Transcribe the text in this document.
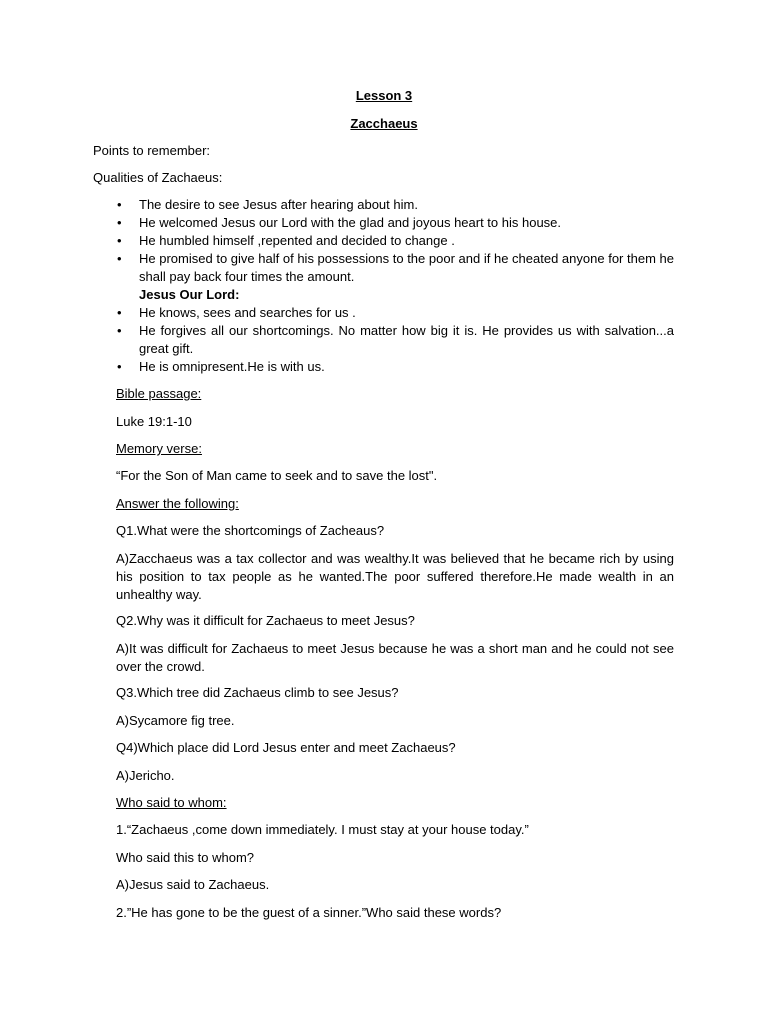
Lesson 3

Zacchaeus

Points to remember:

Qualities of Zachaeus:

• The desire to see Jesus after hearing about him.
• He welcomed Jesus our Lord with the glad and joyous heart to his house.
• He humbled himself ,repented and decided to change .
• He promised to give half of his possessions to the poor and if he cheated anyone for them he shall pay back four times the amount.
Jesus Our Lord:
• He knows, sees and searches for us .
• He forgives all our shortcomings. No matter how big it is. He provides us with salvation...a great gift.
• He is omnipresent.He is with us.

Bible passage:

Luke 19:1-10

Memory verse:

“For the Son of Man came to seek and to save the lost".

Answer the following:

Q1.What were the shortcomings of Zacheaus?

A)Zacchaeus was a tax collector and was wealthy.It was believed that he became rich by using his position to tax people as he wanted.The poor suffered therefore.He made wealth in an unhealthy way.

Q2.Why was it difficult for Zachaeus to meet Jesus?

A)It was difficult for Zachaeus to meet Jesus because he was a short man and he could not see over the crowd.

Q3.Which tree did Zachaeus climb to see Jesus?

A)Sycamore fig tree.

Q4)Which place did Lord Jesus enter and meet Zachaeus?

A)Jericho.

Who said to whom:

1.“Zachaeus ,come down immediately. I must stay at your house today.”

Who said this to whom?

A)Jesus said to Zachaeus.

2.”He has gone to be the guest of a sinner.”Who said these words?
